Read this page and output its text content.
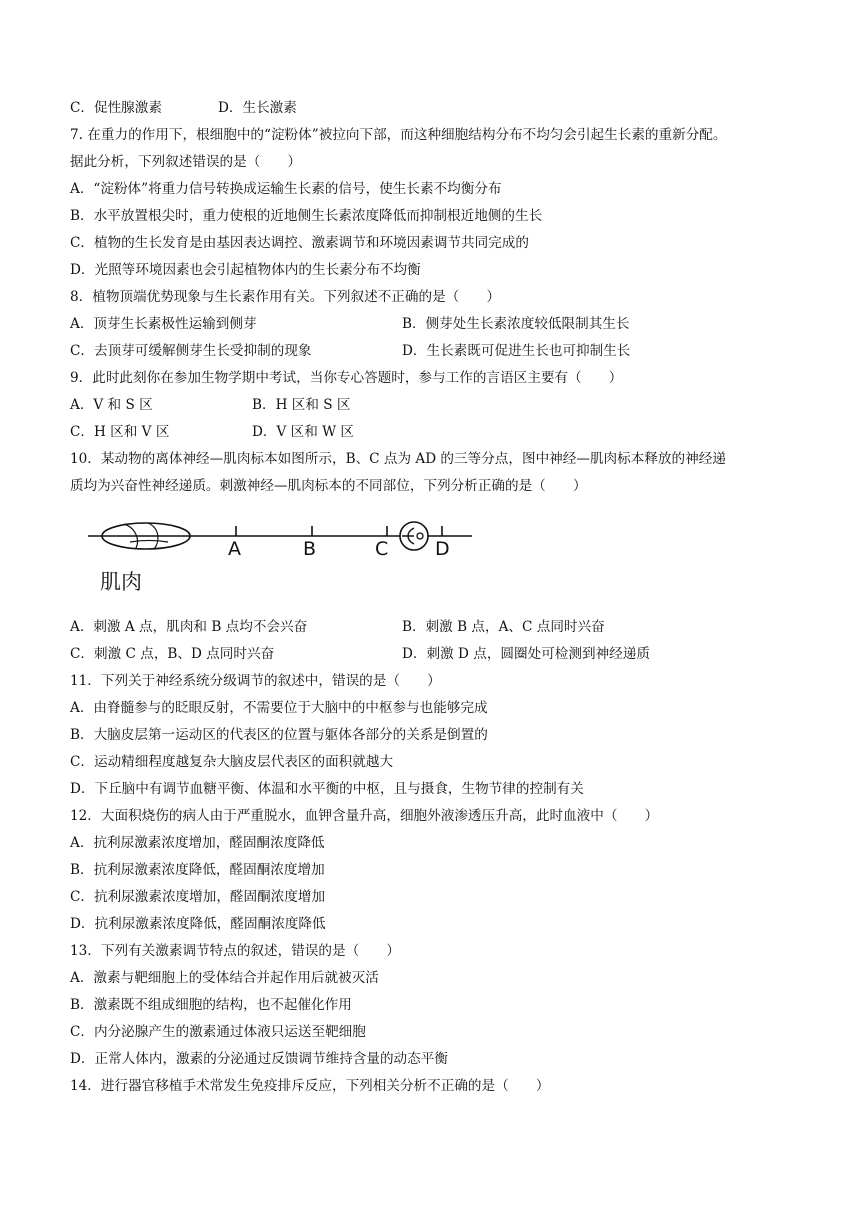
C．促性腺激素	D．生长激素
7. 在重力的作用下，根细胞中的“淀粉体”被拉向下部，而这种细胞结构分布不均匀会引起生长素的重新分配。
据此分析，下列叙述错误的是（　　）
A．“淀粉体”将重力信号转换成运输生长素的信号，使生长素不均衡分布
B．水平放置根尖时，重力使根的近地侧生长素浓度降低而抑制根近地侧的生长
C．植物的生长发育是由基因表达调控、激素调节和环境因素调节共同完成的
D．光照等环境因素也会引起植物体内的生长素分布不均衡
8．植物顶端优势现象与生长素作用有关。下列叙述不正确的是（　　）
A．顶芽生长素极性运输到侧芽	B．侧芽处生长素浓度较低限制其生长
C．去顶芽可缓解侧芽生长受抑制的现象	D．生长素既可促进生长也可抑制生长
9．此时此刻你在参加生物学期中考试，当你专心答题时，参与工作的言语区主要有（　　）
A．V 和 S 区	B．H 区和 S 区
C．H 区和 V 区	D．V 区和 W 区
10．某动物的离体神经—肌肉标本如图所示，B、C 点为 AD 的三等分点，图中神经—肌肉标本释放的神经递
质均为兴奋性神经递质。刺激神经—肌肉标本的不同部位，下列分析正确的是（　　）
A	B	C D
肌肉
A．刺激 A 点，肌肉和 B 点均不会兴奋	B．刺激 B 点，A、C 点同时兴奋
C．刺激 C 点，B、D 点同时兴奋	D．刺激 D 点，圆圈处可检测到神经递质
11．下列关于神经系统分级调节的叙述中，错误的是（　　）
A．由脊髓参与的眨眼反射，不需要位于大脑中的中枢参与也能够完成
B．大脑皮层第一运动区的代表区的位置与躯体各部分的关系是倒置的
C．运动精细程度越复杂大脑皮层代表区的面积就越大
D．下丘脑中有调节血糖平衡、体温和水平衡的中枢，且与摄食，生物节律的控制有关
12．大面积烧伤的病人由于严重脱水，血钾含量升高，细胞外液渗透压升高，此时血液中（　　）
A．抗利尿激素浓度增加，醛固酮浓度降低
B．抗利尿激素浓度降低，醛固酮浓度增加
C．抗利尿激素浓度增加，醛固酮浓度增加
D．抗利尿激素浓度降低，醛固酮浓度降低
13．下列有关激素调节特点的叙述，错误的是（　　）
A．激素与靶细胞上的受体结合并起作用后就被灭活
B．激素既不组成细胞的结构，也不起催化作用
C．内分泌腺产生的激素通过体液只运送至靶细胞
D．正常人体内，激素的分泌通过反馈调节维持含量的动态平衡
14．进行器官移植手术常发生免疫排斥反应，下列相关分析不正确的是（　　）
